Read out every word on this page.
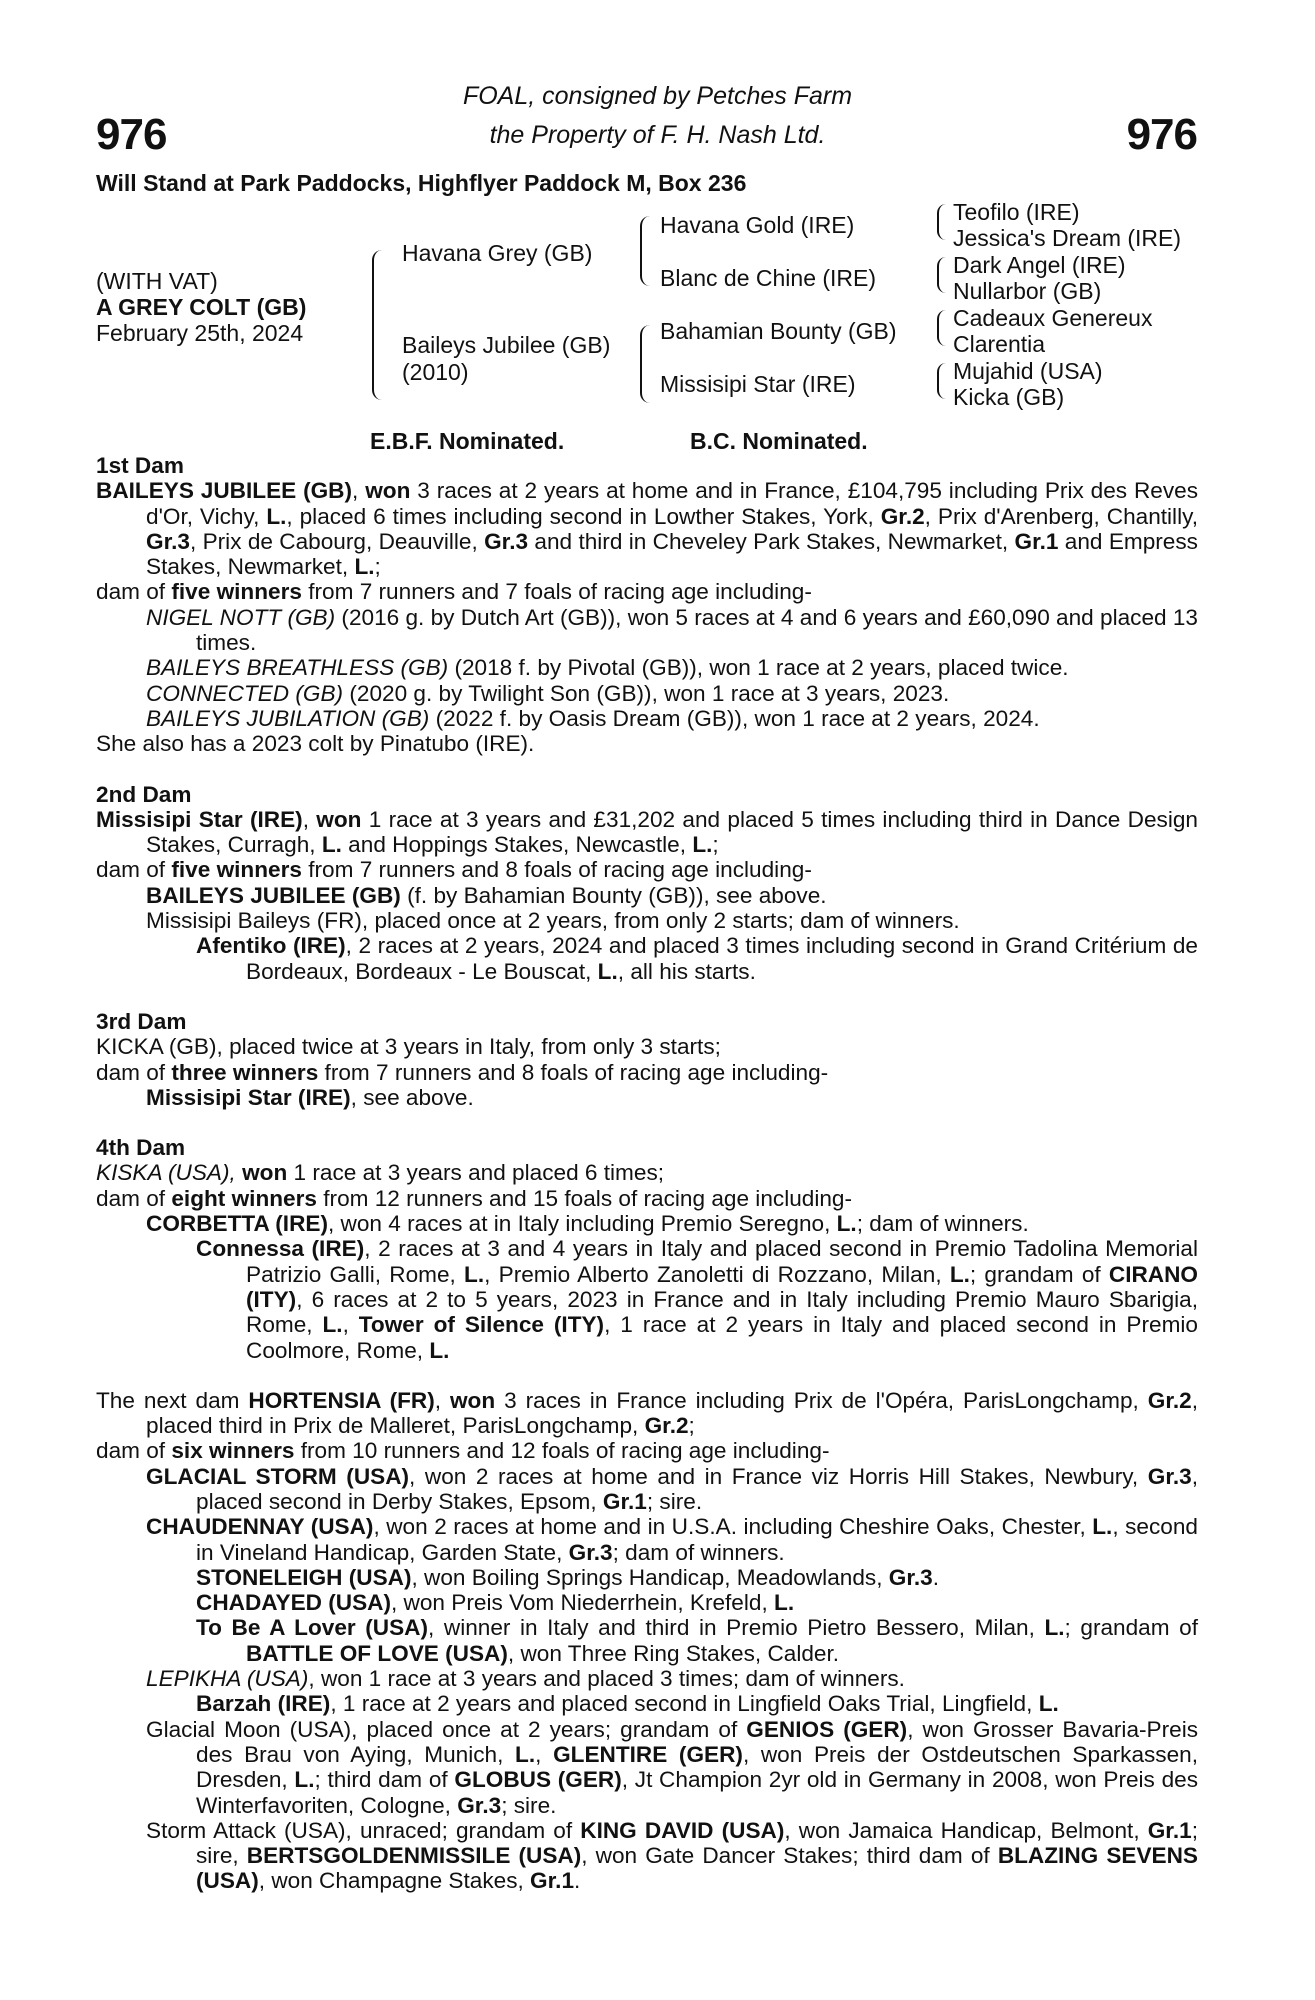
976	976
FOAL, consigned by Petches Farm
the Property of F. H. Nash Ltd.
Will Stand at Park Paddocks, Highflyer Paddock M, Box 236
(WITH VAT)
A GREY COLT (GB)
February 25th, 2024
Havana Grey (GB)
Baileys Jubilee (GB)
(2010)
Havana Gold (IRE)
Blanc de Chine (IRE)
Bahamian Bounty (GB)
Missisipi Star (IRE)
Teofilo (IRE)
Jessica's Dream (IRE)
Dark Angel (IRE)
Nullarbor (GB)
Cadeaux Genereux
Clarentia
Mujahid (USA)
Kicka (GB)
E.B.F. Nominated.	B.C. Nominated.

1st Dam

BAILEYS JUBILEE (GB), won 3 races at 2 years at home and in France, £104,795 including Prix des Reves d'Or, Vichy, L., placed 6 times including second in Lowther Stakes, York, Gr.2, Prix d'Arenberg, Chantilly, Gr.3, Prix de Cabourg, Deauville, Gr.3 and third in Cheveley Park Stakes, Newmarket, Gr.1 and Empress Stakes, Newmarket, L.;

dam of five winners from 7 runners and 7 foals of racing age including-

NIGEL NOTT (GB) (2016 g. by Dutch Art (GB)), won 5 races at 4 and 6 years and £60,090 and placed 13 times.

BAILEYS BREATHLESS (GB) (2018 f. by Pivotal (GB)), won 1 race at 2 years, placed twice.

CONNECTED (GB) (2020 g. by Twilight Son (GB)), won 1 race at 3 years, 2023.

BAILEYS JUBILATION (GB) (2022 f. by Oasis Dream (GB)), won 1 race at 2 years, 2024.

She also has a 2023 colt by Pinatubo (IRE).

2nd Dam

Missisipi Star (IRE), won 1 race at 3 years and £31,202 and placed 5 times including third in Dance Design Stakes, Curragh, L. and Hoppings Stakes, Newcastle, L.;

dam of five winners from 7 runners and 8 foals of racing age including-

BAILEYS JUBILEE (GB) (f. by Bahamian Bounty (GB)), see above.

Missisipi Baileys (FR), placed once at 2 years, from only 2 starts; dam of winners.

Afentiko (IRE), 2 races at 2 years, 2024 and placed 3 times including second in Grand Critérium de Bordeaux, Bordeaux - Le Bouscat, L., all his starts.

3rd Dam

KICKA (GB), placed twice at 3 years in Italy, from only 3 starts;

dam of three winners from 7 runners and 8 foals of racing age including-

Missisipi Star (IRE), see above.

4th Dam

KISKA (USA), won 1 race at 3 years and placed 6 times;

dam of eight winners from 12 runners and 15 foals of racing age including-

CORBETTA (IRE), won 4 races at in Italy including Premio Seregno, L.; dam of winners.

Connessa (IRE), 2 races at 3 and 4 years in Italy and placed second in Premio Tadolina Memorial Patrizio Galli, Rome, L., Premio Alberto Zanoletti di Rozzano, Milan, L.; grandam of CIRANO (ITY), 6 races at 2 to 5 years, 2023 in France and in Italy including Premio Mauro Sbarigia, Rome, L., Tower of Silence (ITY), 1 race at 2 years in Italy and placed second in Premio Coolmore, Rome, L.

The next dam HORTENSIA (FR), won 3 races in France including Prix de l'Opéra, ParisLongchamp, Gr.2, placed third in Prix de Malleret, ParisLongchamp, Gr.2;

dam of six winners from 10 runners and 12 foals of racing age including-

GLACIAL STORM (USA), won 2 races at home and in France viz Horris Hill Stakes, Newbury, Gr.3, placed second in Derby Stakes, Epsom, Gr.1; sire.

CHAUDENNAY (USA), won 2 races at home and in U.S.A. including Cheshire Oaks, Chester, L., second in Vineland Handicap, Garden State, Gr.3; dam of winners.

STONELEIGH (USA), won Boiling Springs Handicap, Meadowlands, Gr.3.

CHADAYED (USA), won Preis Vom Niederrhein, Krefeld, L.

To Be A Lover (USA), winner in Italy and third in Premio Pietro Bessero, Milan, L.; grandam of BATTLE OF LOVE (USA), won Three Ring Stakes, Calder.

LEPIKHA (USA), won 1 race at 3 years and placed 3 times; dam of winners.

Barzah (IRE), 1 race at 2 years and placed second in Lingfield Oaks Trial, Lingfield, L.

Glacial Moon (USA), placed once at 2 years; grandam of GENIOS (GER), won Grosser Bavaria-Preis des Brau von Aying, Munich, L., GLENTIRE (GER), won Preis der Ostdeutschen Sparkassen, Dresden, L.; third dam of GLOBUS (GER), Jt Champion 2yr old in Germany in 2008, won Preis des Winterfavoriten, Cologne, Gr.3; sire.

Storm Attack (USA), unraced; grandam of KING DAVID (USA), won Jamaica Handicap, Belmont, Gr.1; sire, BERTSGOLDENMISSILE (USA), won Gate Dancer Stakes; third dam of BLAZING SEVENS (USA), won Champagne Stakes, Gr.1.
